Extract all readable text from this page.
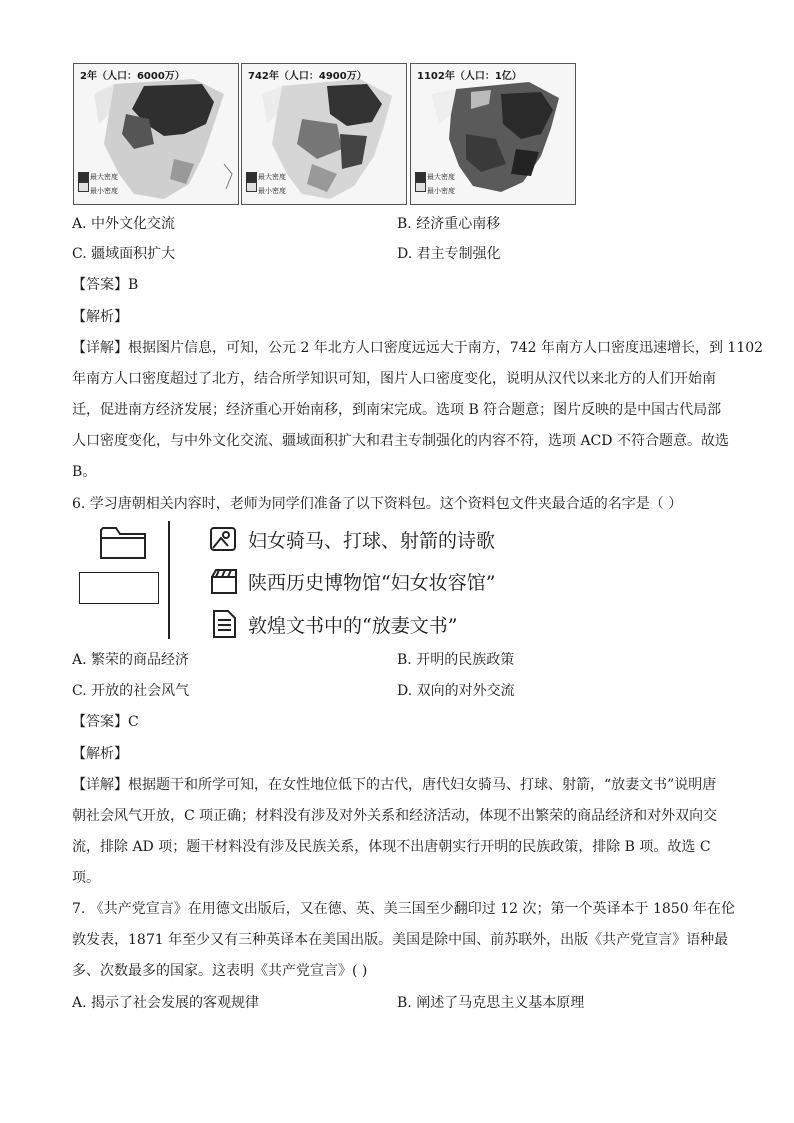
2年（人口：6000万）
最大密度
最小密度
742年（人口：4900万）
最大密度
最小密度
1102年（人口：1亿）
最大密度
最小密度
A. 中外文化交流	B. 经济重心南移
C. 疆域面积扩大	D. 君主专制强化
【答案】B
【解析】
【详解】根据图片信息，可知，公元 2 年北方人口密度远远大于南方，742 年南方人口密度迅速增长，到 1102
年南方人口密度超过了北方，结合所学知识可知，图片人口密度变化，说明从汉代以来北方的人们开始南
迁，促进南方经济发展；经济重心开始南移，到南宋完成。选项 B 符合题意；图片反映的是中国古代局部
人口密度变化，与中外文化交流、疆域面积扩大和君主专制强化的内容不符，选项 ACD 不符合题意。故选
B。
6. 学习唐朝相关内容时，老师为同学们准备了以下资料包。这个资料包文件夹最合适的名字是（ ）
妇女骑马、打球、射箭的诗歌
陕西历史博物馆“妇女妆容馆”
敦煌文书中的“放妻文书”
A. 繁荣的商品经济	B. 开明的民族政策
C. 开放的社会风气	D. 双向的对外交流
【答案】C
【解析】
【详解】根据题干和所学可知，在女性地位低下的古代，唐代妇女骑马、打球、射箭，“放妻文书”说明唐
朝社会风气开放，C 项正确；材料没有涉及对外关系和经济活动，体现不出繁荣的商品经济和对外双向交
流，排除 AD 项；题干材料没有涉及民族关系，体现不出唐朝实行开明的民族政策，排除 B 项。故选 C
项。
7. 《共产党宣言》在用德文出版后，又在德、英、美三国至少翻印过 12 次；第一个英译本于 1850 年在伦
敦发表，1871 年至少又有三种英译本在美国出版。美国是除中国、前苏联外，出版《共产党宣言》语种最
多、次数最多的国家。这表明《共产党宣言》( )
A. 揭示了社会发展的客观规律	B. 阐述了马克思主义基本原理
